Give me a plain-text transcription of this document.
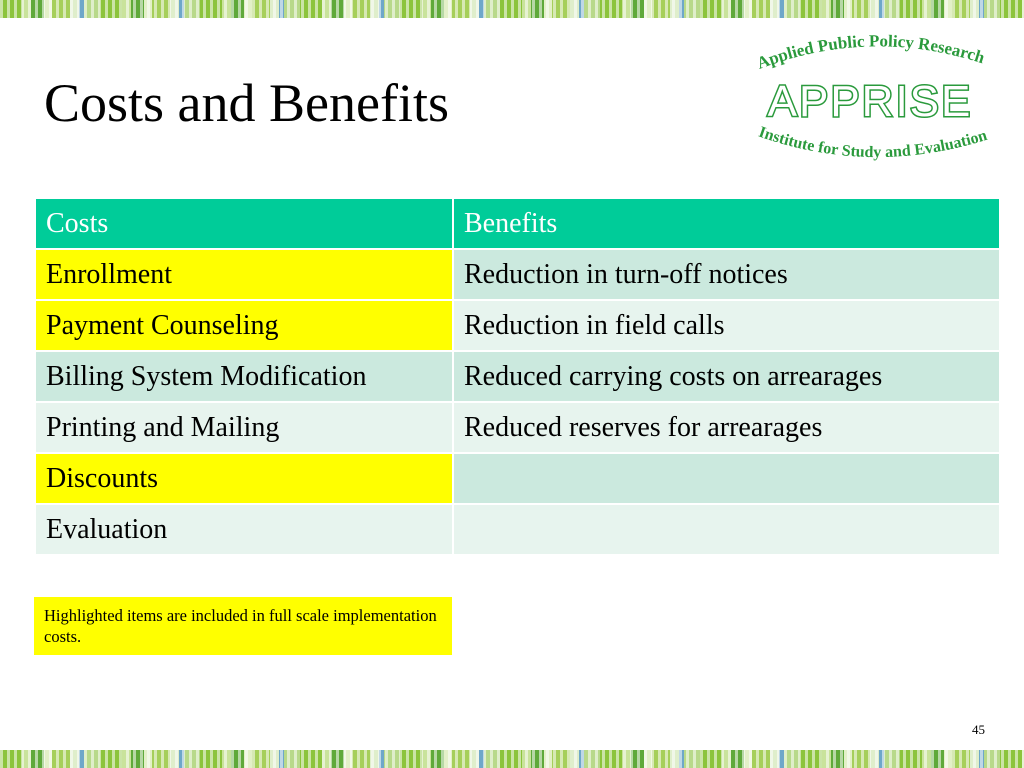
Costs and Benefits
Applied Public Policy Research
APPRISE
Institute for Study and Evaluation
Costs	Benefits
Enrollment	Reduction in turn-off notices
Payment Counseling	Reduction in field calls
Billing System Modification	Reduced carrying costs on arrearages
Printing and Mailing	Reduced reserves for arrearages
Discounts	
Evaluation	
Highlighted items are included in full scale implementation costs.
45
